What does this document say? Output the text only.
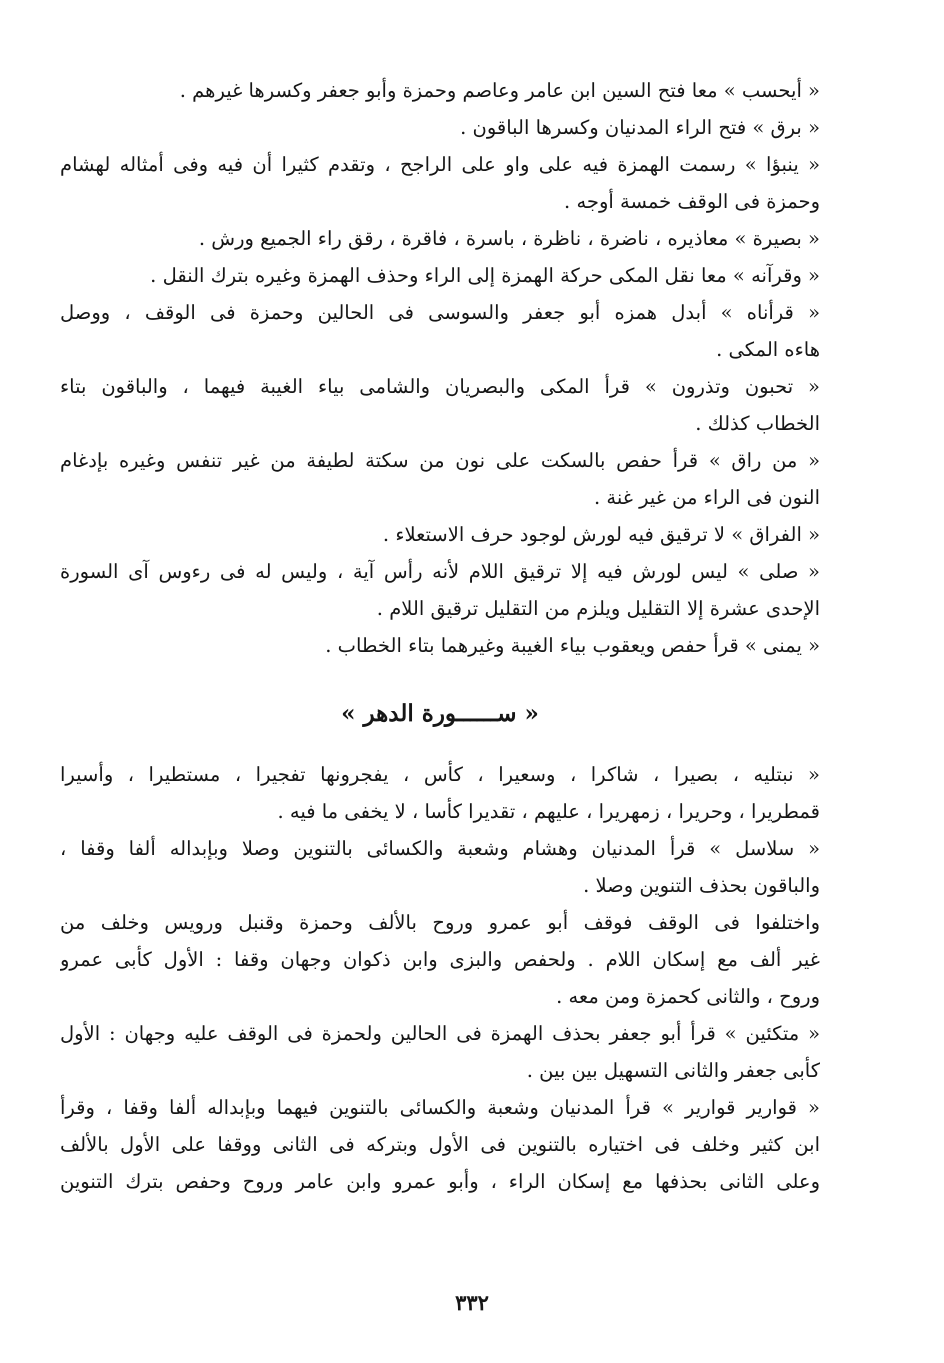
« أيحسب » معا فتح السين ابن عامر وعاصم وحمزة وأبو جعفر وكسرها غيرهم .
« برق » فتح الراء المدنيان وكسرها الباقون .
« ينبؤا » رسمت الهمزة فيه على واو على الراجح ، وتقدم كثيرا أن فيه وفى أمثاله لهشام
وحمزة فى الوقف خمسة أوجه .
« بصيرة » معاذيره ، ناضرة ، ناظرة ، باسرة ، فاقرة ، رقق راء الجميع ورش .
« وقرآنه » معا نقل المكى حركة الهمزة إلى الراء وحذف الهمزة وغيره بترك النقل .
« قرأناه » أبدل همزه أبو جعفر والسوسى فى الحالين وحمزة فى الوقف ، ووصل
هاءه المكى .
« تحبون وتذرون » قرأ المكى والبصريان والشامى بياء الغيبة فيهما ، والباقون بتاء
الخطاب كذلك .
« من راق » قرأ حفص بالسكت على نون من سكتة لطيفة من غير تنفس وغيره بإدغام
النون فى الراء من غير غنة .
« الفراق » لا ترقيق فيه لورش لوجود حرف الاستعلاء .
« صلى » ليس لورش فيه إلا ترقيق اللام لأنه رأس آية ، وليس له فى رءوس آى السورة
الإحدى عشرة إلا التقليل ويلزم من التقليل ترقيق اللام .
« يمنى » قرأ حفص ويعقوب بياء الغيبة وغيرهما بتاء الخطاب .
« ســــــورة الدهر »
« نبتليه ، بصيرا ، شاكرا ، وسعيرا ، كأس ، يفجرونها تفجيرا ، مستطيرا ، وأسيرا
قمطريرا ، وحريرا ، زمهريرا ، عليهم ، تقديرا كأسا ، لا يخفى ما فيه .
« سلاسل » قرأ المدنيان وهشام وشعبة والكسائى بالتنوين وصلا وبإبداله ألفا وقفا ،
والباقون بحذف التنوين وصلا .
واختلفوا فى الوقف فوقف أبو عمرو وروح بالألف وحمزة وقنبل ورويس وخلف من
غير ألف مع إسكان اللام . ولحفص والبزى وابن ذكوان وجهان وقفا : الأول كأبى عمرو
وروح ، والثانى كحمزة ومن معه .
« متكئين » قرأ أبو جعفر بحذف الهمزة فى الحالين ولحمزة فى الوقف عليه وجهان : الأول
كأبى جعفر والثانى التسهيل بين بين .
« قوارير قوارير » قرأ المدنيان وشعبة والكسائى بالتنوين فيهما وبإبداله ألفا وقفا ، وقرأ
ابن كثير وخلف فى اختياره بالتنوين فى الأول وبتركه فى الثانى ووقفا على الأول بالألف
وعلى الثانى بحذفها مع إسكان الراء ، وأبو عمرو وابن عامر وروح وحفص بترك التنوين
٣٣٢
